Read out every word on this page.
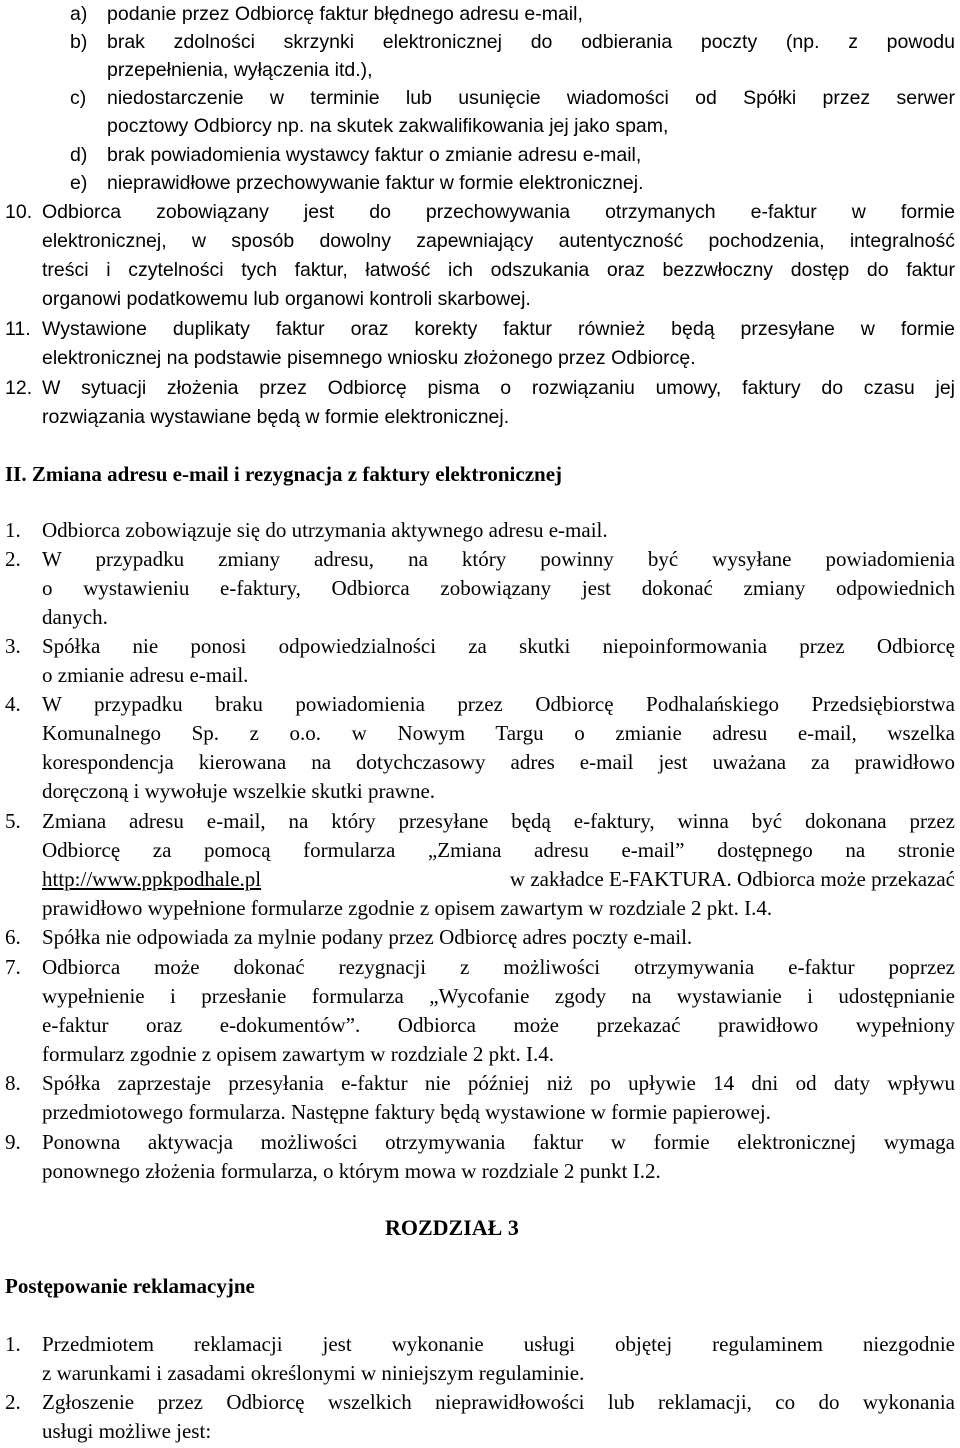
a) podanie przez Odbiorcę faktur błędnego adresu e-mail,
b) brak zdolności skrzynki elektronicznej do odbierania poczty (np. z powodu
przepełnienia, wyłączenia itd.),
c) niedostarczenie w terminie lub usunięcie wiadomości od Spółki przez serwer
pocztowy Odbiorcy np. na skutek zakwalifikowania jej jako spam,
d) brak powiadomienia wystawcy faktur o zmianie adresu e-mail,
e) nieprawidłowe przechowywanie faktur w formie elektronicznej.
10. Odbiorca zobowiązany jest do przechowywania otrzymanych e-faktur w formie
elektronicznej, w sposób dowolny zapewniający autentyczność pochodzenia, integralność
treści i czytelności tych faktur, łatwość ich odszukania oraz bezzwłoczny dostęp do faktur
organowi podatkowemu lub organowi kontroli skarbowej.
11. Wystawione duplikaty faktur oraz korekty faktur również będą przesyłane w formie
elektronicznej na podstawie pisemnego wniosku złożonego przez Odbiorcę.
12. W sytuacji złożenia przez Odbiorcę pisma o rozwiązaniu umowy, faktury do czasu jej
rozwiązania wystawiane będą w formie elektronicznej.
II. Zmiana adresu e-mail i rezygnacja z faktury elektronicznej
1. Odbiorca zobowiązuje się do utrzymania aktywnego adresu e-mail.
2. W przypadku zmiany adresu, na który powinny być wysyłane powiadomienia
o wystawieniu e-faktury, Odbiorca zobowiązany jest dokonać zmiany odpowiednich
danych.
3. Spółka nie ponosi odpowiedzialności za skutki niepoinformowania przez Odbiorcę
o zmianie adresu e-mail.
4. W przypadku braku powiadomienia przez Odbiorcę Podhalańskiego Przedsiębiorstwa
Komunalnego Sp. z o.o. w Nowym Targu o zmianie adresu e-mail, wszelka
korespondencja kierowana na dotychczasowy adres e-mail jest uważana za prawidłowo
doręczoną i wywołuje wszelkie skutki prawne.
5. Zmiana adresu e-mail, na który przesyłane będą e-faktury, winna być dokonana przez
Odbiorcę za pomocą formularza „Zmiana adresu e-mail” dostępnego na stronie
http://www.ppkpodhale.pl	w zakładce E-FAKTURA. Odbiorca może przekazać
prawidłowo wypełnione formularze zgodnie z opisem zawartym w rozdziale 2 pkt. I.4.
6. Spółka nie odpowiada za mylnie podany przez Odbiorcę adres poczty e-mail.
7. Odbiorca może dokonać rezygnacji z możliwości otrzymywania e-faktur poprzez
wypełnienie i przesłanie formularza „Wycofanie zgody na wystawianie i udostępnianie
e-faktur oraz e-dokumentów”. Odbiorca może przekazać prawidłowo wypełniony
formularz zgodnie z opisem zawartym w rozdziale 2 pkt. I.4.
8. Spółka zaprzestaje przesyłania e-faktur nie później niż po upływie 14 dni od daty wpływu
przedmiotowego formularza. Następne faktury będą wystawione w formie papierowej.
9. Ponowna aktywacja możliwości otrzymywania faktur w formie elektronicznej wymaga
ponownego złożenia formularza, o którym mowa w rozdziale 2 punkt I.2.
ROZDZIAŁ 3
Postępowanie reklamacyjne
1. Przedmiotem reklamacji jest wykonanie usługi objętej regulaminem niezgodnie
z warunkami i zasadami określonymi w niniejszym regulaminie.
2. Zgłoszenie przez Odbiorcę wszelkich nieprawidłowości lub reklamacji, co do wykonania
usługi możliwe jest:
